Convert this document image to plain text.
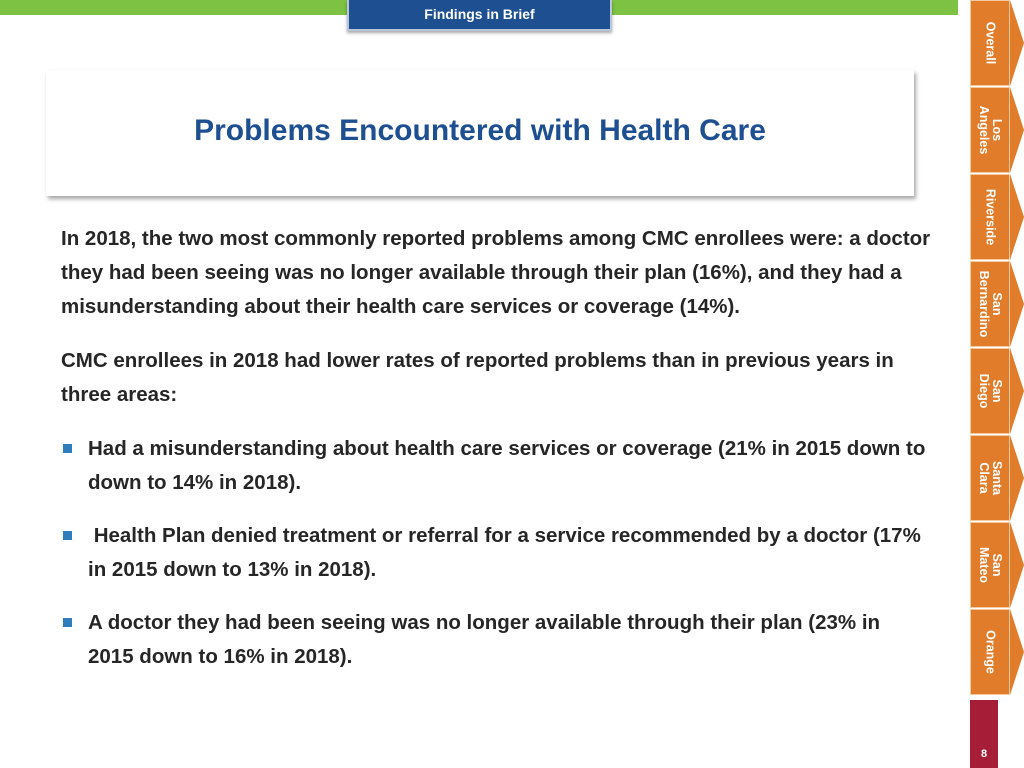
Findings in Brief
Problems Encountered with Health Care

In 2018, the two most commonly reported problems among CMC enrollees were: a doctor they had been seeing was no longer available through their plan (16%), and they had a misunderstanding about their health care services or coverage (14%).

CMC enrollees in 2018 had lower rates of reported problems than in previous years in three areas:

Had a misunderstanding about health care services or coverage (21% in 2015 down to down to 14% in 2018).
Health Plan denied treatment or referral for a service recommended by a doctor (17% in 2015 down to 13% in 2018).
A doctor they had been seeing was no longer available through their plan (23% in 2015 down to 16% in 2018).
Overall
Los
Angeles
Riverside
San
Bernardino
San
Diego
Santa
Clara
San
Mateo
Orange
8
